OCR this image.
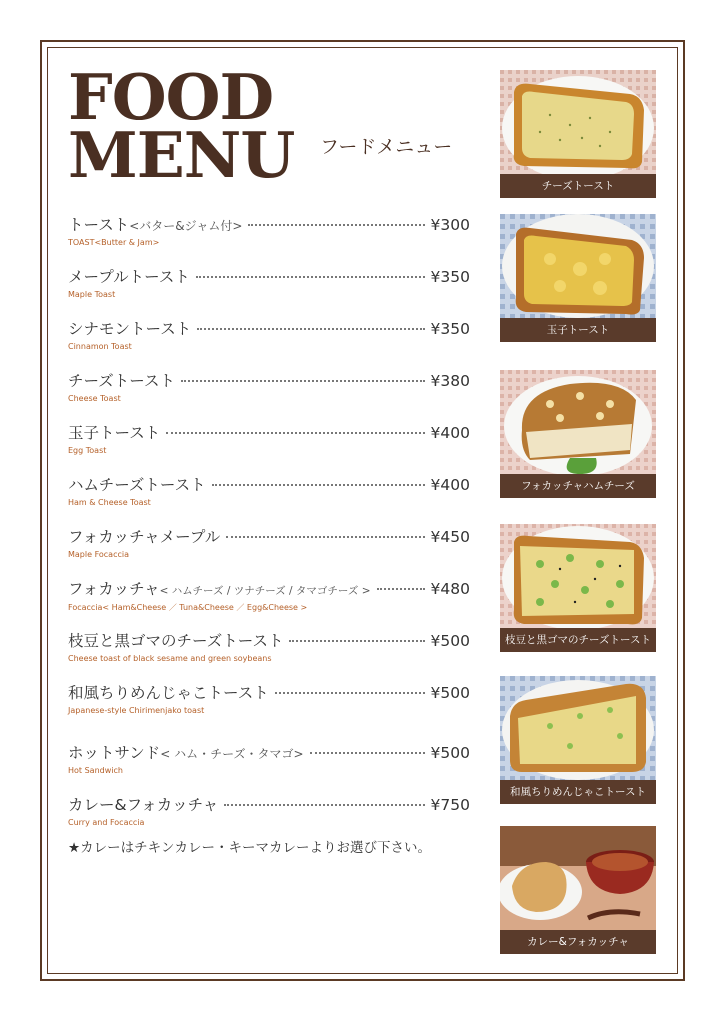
FOOD
MENU フードメニュー
トースト <バター&ジャム付>	¥300
TOAST<Butter & Jam>
メープルトースト	¥350
Maple Toast
シナモントースト	¥350
Cinnamon Toast
チーズトースト	¥380
Cheese Toast
玉子トースト	¥400
Egg Toast
ハムチーズトースト	¥400
Ham & Cheese Toast
フォカッチャメープル	¥450
Maple Focaccia
フォカッチャ < ハムチーズ / ツナチーズ / タマゴチーズ >	¥480
Focaccia< Ham&Cheese ／ Tuna&Cheese ／ Egg&Cheese >
枝豆と黒ゴマのチーズトースト	¥500
Cheese toast of black sesame and green soybeans
和風ちりめんじゃこトースト	¥500
Japanese-style Chirimenjako toast
ホットサンド < ハム・チーズ・タマゴ>	¥500
Hot Sandwich
カレー&フォカッチャ	¥750
Curry and Focaccia
★カレーはチキンカレー・キーマカレーよりお選び下さい。
チーズトースト
玉子トースト
フォカッチャハムチーズ
枝豆と黒ゴマのチーズトースト
和風ちりめんじゃこトースト
カレー&フォカッチャ
